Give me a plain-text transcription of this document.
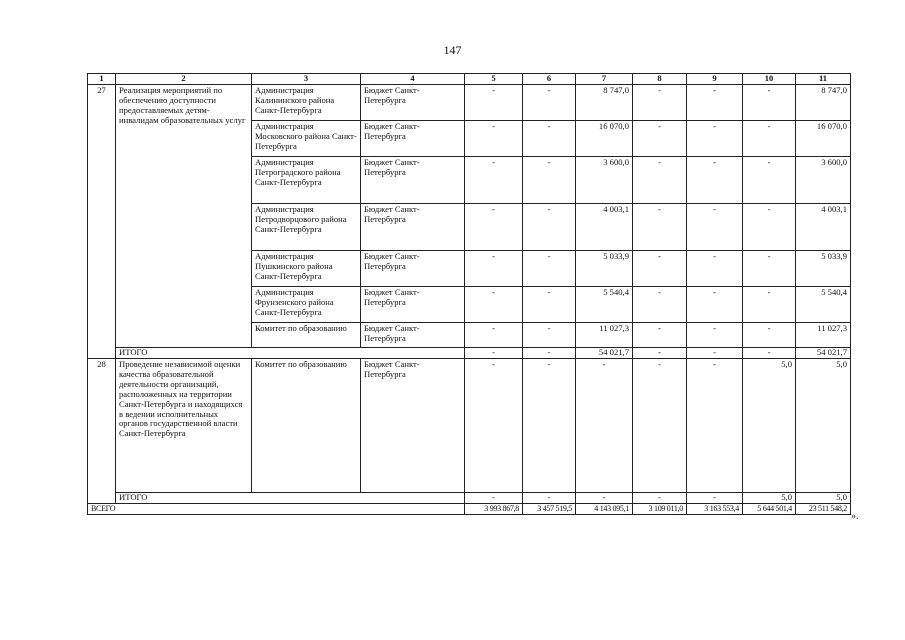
147
1	2	3	4	5	6	7	8	9	10	11
27	Реализация мероприятий по обеспечению доступности предоставляемых детям-инвалидам образовательных услуг	Администрация Калининского района Санкт-Петербурга	Бюджет Санкт-Петербурга	-	-	8 747,0	-	-	-	8 747,0
		Администрация Московского района Санкт-Петербурга	Бюджет Санкт-Петербурга	-	-	16 070,0	-	-	-	16 070,0
		Администрация Петроградского района Санкт-Петербурга	Бюджет Санкт-Петербурга	-	-	3 600,0	-	-	-	3 600,0
		Администрация Петродворцового района Санкт-Петербурга	Бюджет Санкт-Петербурга	-	-	4 003,1	-	-	-	4 003,1
		Администрация Пушкинского района Санкт-Петербурга	Бюджет Санкт-Петербурга	-	-	5 033,9	-	-	-	5 033,9
		Администрация Фрунзенского района Санкт-Петербурга	Бюджет Санкт-Петербурга	-	-	5 540,4	-	-	-	5 540,4
		Комитет по образованию	Бюджет Санкт-Петербурга	-	-	11 027,3	-	-	-	11 027,3
	ИТОГО			-	-	54 021,7	-	-	-	54 021,7
28	Проведение независимой оценки качества образовательной деятельности организаций, расположенных на территории Санкт-Петербурга и находящихся в ведении исполнительных органов государственной власти Санкт-Петербурга	Комитет по образованию	Бюджет Санкт-Петербурга	-	-	-	-	-	5,0	5,0
	ИТОГО			-	-	-	-	-	5,0	5,0
ВСЕГО				3 993 867,8	3 457 519,5	4 143 095,1	3 109 011,0	3 163 553,4	5 644 501,4	23 511 548,2
».
